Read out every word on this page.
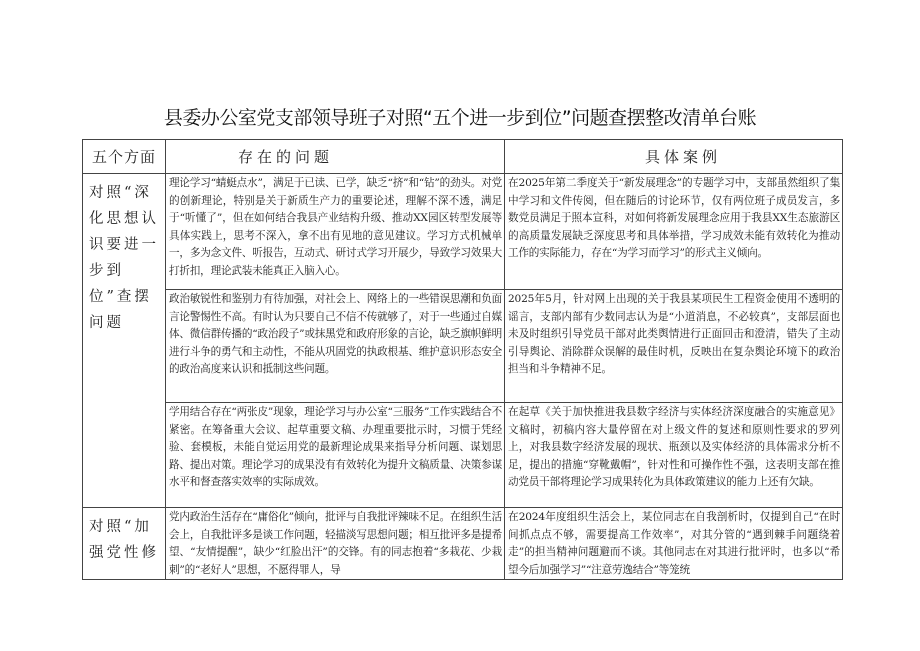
县委办公室党支部领导班子对照“五个进一步到位”问题查摆整改清单台账
五个方面	存在的问题	具体案例
对照“深化思想认识要进一步到位”查摆问题	理论学习“蜻蜓点水”，满足于已读、已学，缺乏“挤”和“钻”的劲头。对党的创新理论，特别是关于新质生产力的重要论述，理解不深不透，满足于“听懂了”，但在如何结合我县产业结构升级、推动XX园区转型发展等具体实践上，思考不深入，拿不出有见地的意见建议。学习方式机械单一，多为念文件、听报告，互动式、研讨式学习开展少，导致学习效果大打折扣，理论武装未能真正入脑入心。	在2025年第二季度关于“新发展理念”的专题学习中，支部虽然组织了集中学习和文件传阅，但在随后的讨论环节，仅有两位班子成员发言，多数党员满足于照本宣科，对如何将新发展理念应用于我县XX生态旅游区的高质量发展缺乏深度思考和具体举措，学习成效未能有效转化为推动工作的实际能力，存在“为学习而学习”的形式主义倾向。
	政治敏锐性和鉴别力有待加强，对社会上、网络上的一些错误思潮和负面言论警惕性不高。有时认为只要自己不信不传就够了，对于一些通过自媒体、微信群传播的“政治段子”或抹黑党和政府形象的言论，缺乏旗帜鲜明进行斗争的勇气和主动性，不能从巩固党的执政根基、维护意识形态安全的政治高度来认识和抵制这些问题。	2025年5月，针对网上出现的关于我县某项民生工程资金使用不透明的谣言，支部内部有少数同志认为是“小道消息，不必较真”，支部层面也未及时组织引导党员干部对此类舆情进行正面回击和澄清，错失了主动引导舆论、消除群众误解的最佳时机，反映出在复杂舆论环境下的政治担当和斗争精神不足。
	学用结合存在“两张皮”现象，理论学习与办公室“三服务”工作实践结合不紧密。在筹备重大会议、起草重要文稿、办理重要批示时，习惯于凭经验、套模板，未能自觉运用党的最新理论成果来指导分析问题、谋划思路、提出对策。理论学习的成果没有有效转化为提升文稿质量、决策参谋水平和督查落实效率的实际成效。	在起草《关于加快推进我县数字经济与实体经济深度融合的实施意见》文稿时，初稿内容大量停留在对上级文件的复述和原则性要求的罗列上，对我县数字经济发展的现状、瓶颈以及实体经济的具体需求分析不足，提出的措施“穿靴戴帽”，针对性和可操作性不强，这表明支部在推动党员干部将理论学习成果转化为具体政策建议的能力上还有欠缺。
对照“加强党性修	党内政治生活存在“庸俗化”倾向，批评与自我批评辣味不足。在组织生活会上，自我批评多是谈工作问题，轻描淡写思想问题；相互批评多是提希望、“友情提醒”，缺少“红脸出汗”的交锋。有的同志抱着“多栽花、少栽刺”的“老好人”思想，不愿得罪人，导	在2024年度组织生活会上，某位同志在自我剖析时，仅提到自己“在时间抓点点不够，需要提高工作效率”，对其分管的“遇到棘手问题绕着走”的担当精神问题避而不谈。其他同志在对其进行批评时，也多以“希望今后加强学习”“注意劳逸结合”等笼统
